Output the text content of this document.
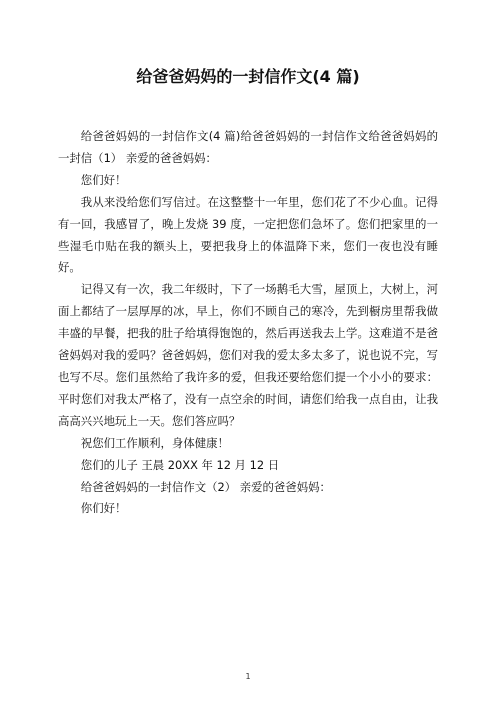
给爸爸妈妈的一封信作文(4 篇)

给爸爸妈妈的一封信作文(4 篇)给爸爸妈妈的一封信作文给爸爸妈妈的一封信（1） 亲爱的爸爸妈妈：

您们好！

我从来没给您们写信过。在这整整十一年里，您们花了不少心血。记得有一回，我感冒了，晚上发烧 39 度，一定把您们急坏了。您们把家里的一些湿毛巾贴在我的额头上，要把我身上的体温降下来，您们一夜也没有睡好。

记得又有一次，我二年级时，下了一场鹅毛大雪，屋顶上，大树上，河面上都结了一层厚厚的冰，早上，你们不顾自己的寒冷，先到橱房里帮我做丰盛的早餐，把我的肚子给填得饱饱的，然后再送我去上学。这难道不是爸爸妈妈对我的爱吗？爸爸妈妈，您们对我的爱太多太多了，说也说不完，写也写不尽。您们虽然给了我许多的爱，但我还要给您们提一个小小的要求：平时您们对我太严格了，没有一点空余的时间，请您们给我一点自由，让我高高兴兴地玩上一天。您们答应吗？

祝您们工作顺利，身体健康！

您们的儿子 王晨 20XX 年 12 月 12 日

给爸爸妈妈的一封信作文（2） 亲爱的爸爸妈妈：

你们好！

1
